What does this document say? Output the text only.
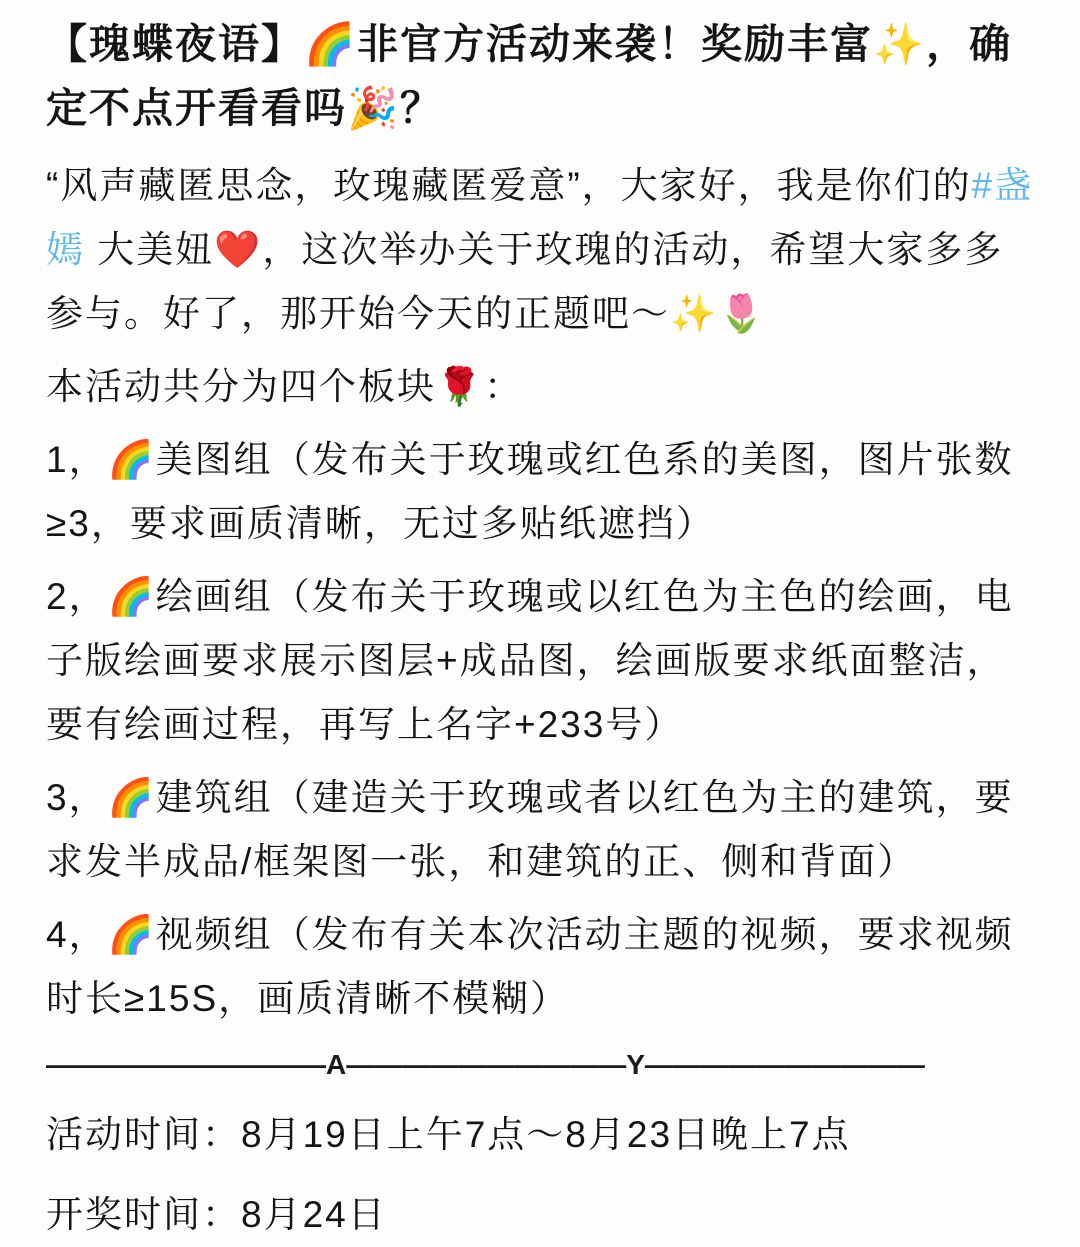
【瑰蝶夜语】🌈非官方活动来袭！奖励丰富✨，确定不点开看看吗🎉？

“风声藏匿思念，玫瑰藏匿爱意”，大家好，我是你们的#盏嫣 大美妞❤️，这次举办关于玫瑰的活动，希望大家多多参与。好了，那开始今天的正题吧～✨🌷

本活动共分为四个板块🌹：

1，🌈美图组（发布关于玫瑰或红色系的美图，图片张数≥3，要求画质清晰，无过多贴纸遮挡）

2，🌈绘画组（发布关于玫瑰或以红色为主色的绘画，电子版绘画要求展示图层+成品图，绘画版要求纸面整洁，要有绘画过程，再写上名字+233号）

3，🌈建筑组（建造关于玫瑰或者以红色为主的建筑，要求发半成品/框架图一张，和建筑的正、侧和背面）

4，🌈视频组（发布有关本次活动主题的视频，要求视频时长≥15S，画质清晰不模糊）

——————————A——————————Y——————————

活动时间：8月19日上午7点～8月23日晚上7点

开奖时间：8月24日
